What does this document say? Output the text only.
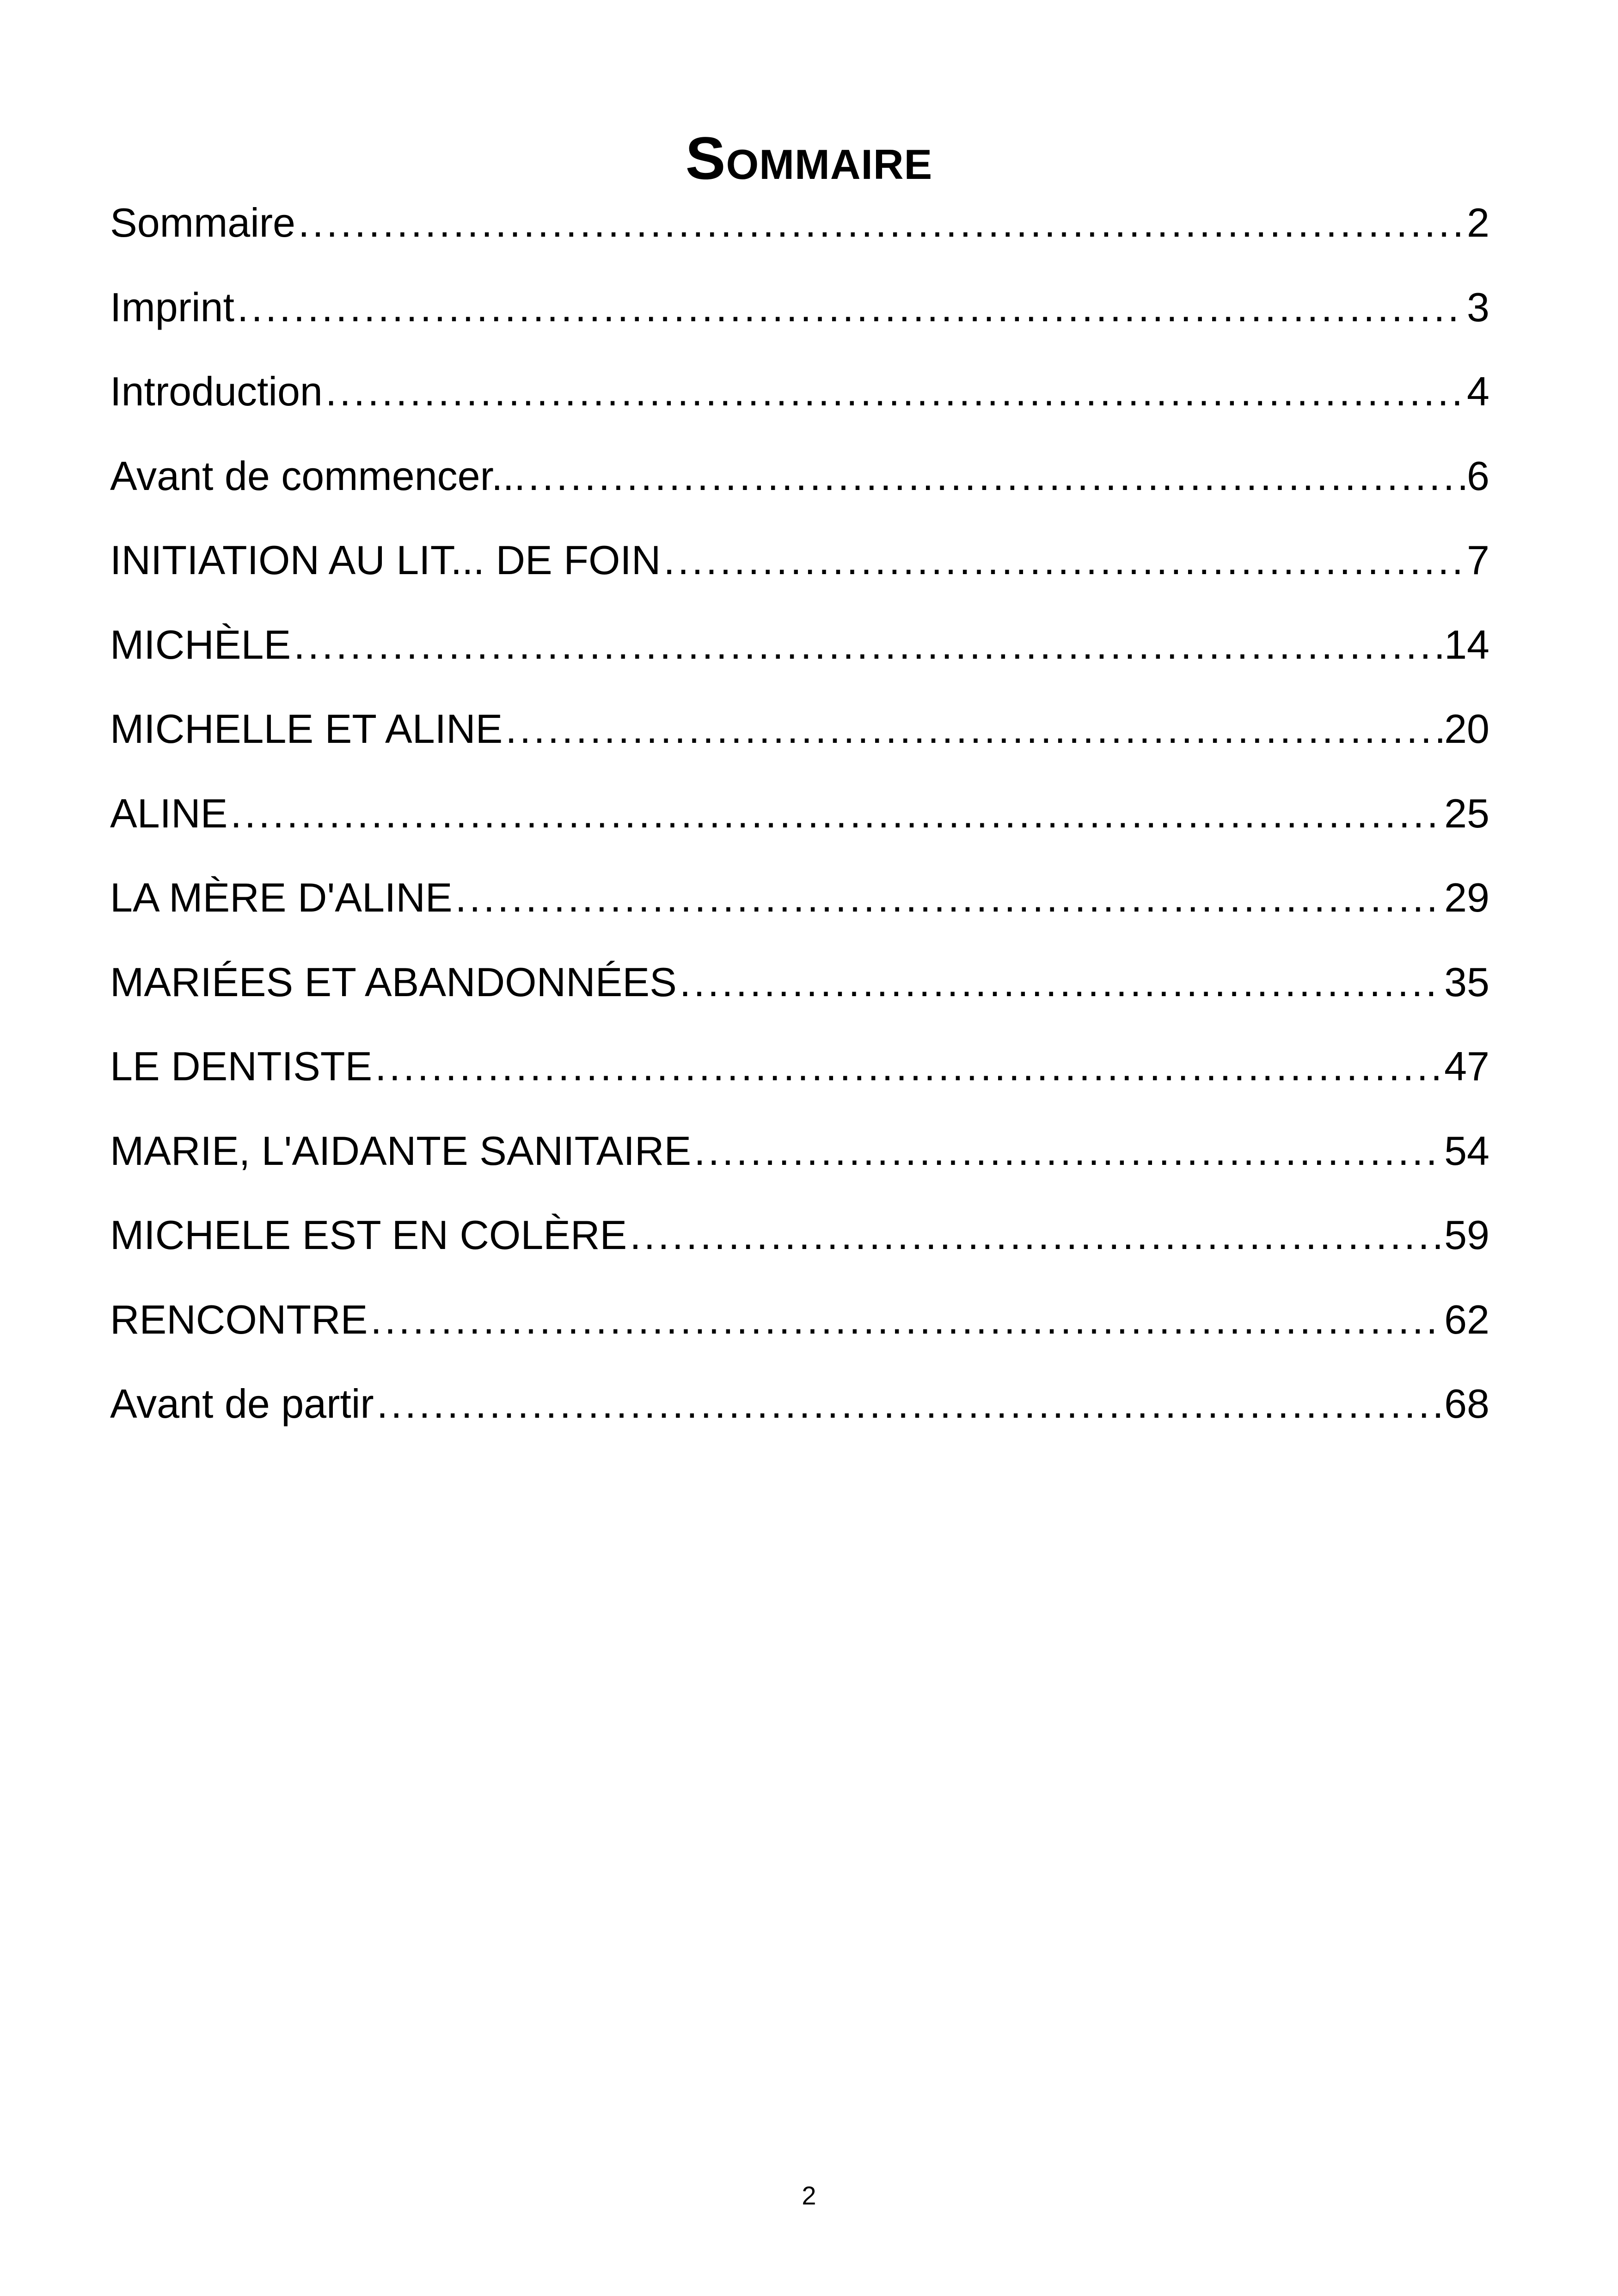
Sommaire
Sommaire .....	2
Imprint .....	3
Introduction .....	4
Avant de commencer... .....	6
INITIATION AU LIT... DE FOIN .....	7
MICHÈLE .....	14
MICHELLE ET ALINE .....	20
ALINE .....	25
LA MÈRE D'ALINE .....	29
MARIÉES ET ABANDONNÉES .....	35
LE DENTISTE .....	47
MARIE, L'AIDANTE SANITAIRE .....	54
MICHELE EST EN COLÈRE .....	59
RENCONTRE .....	62
Avant de partir .....	68
2
